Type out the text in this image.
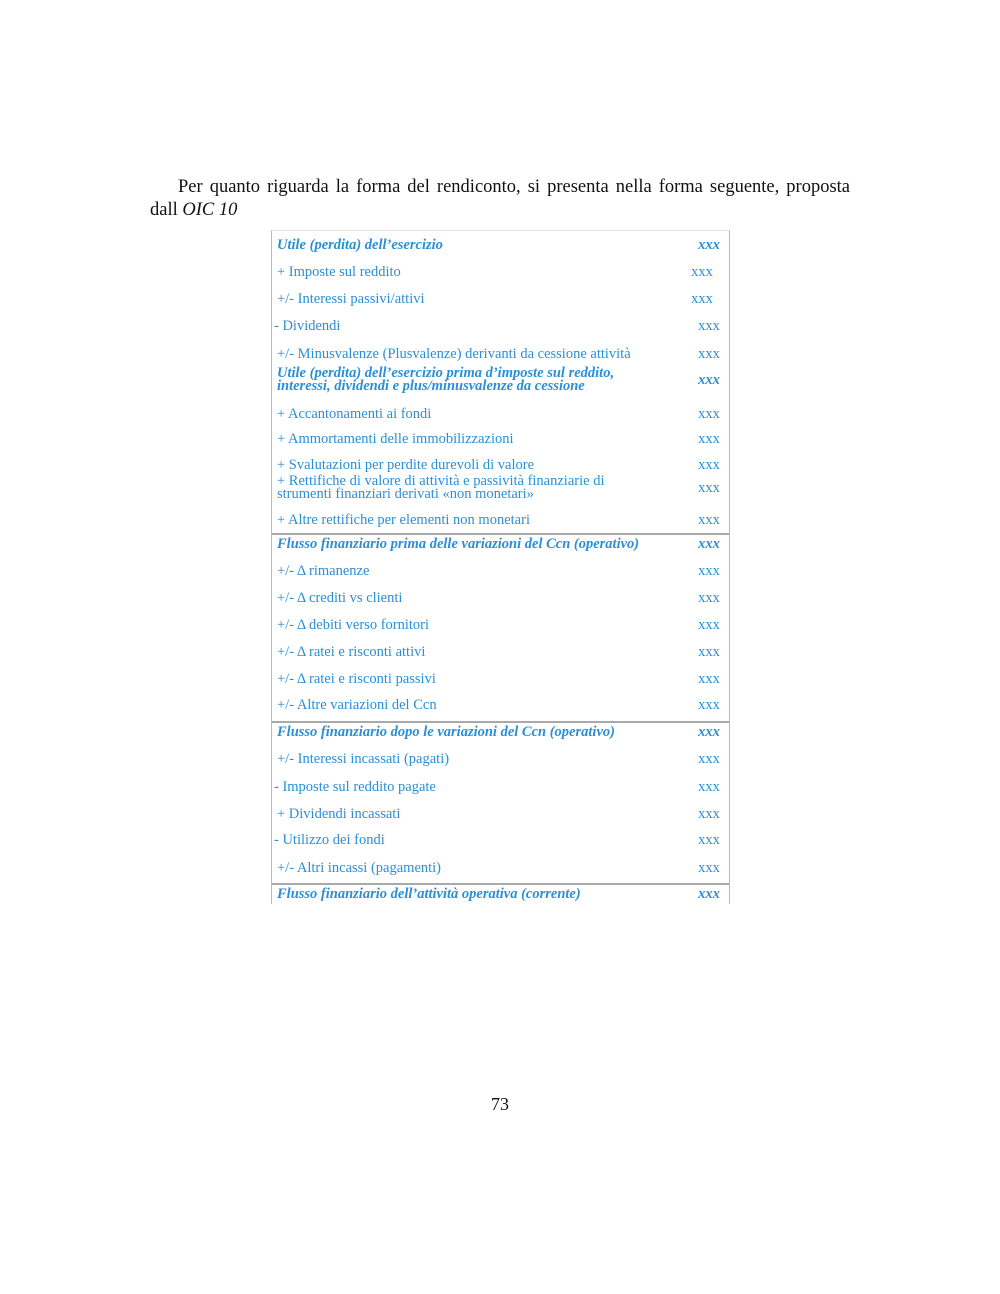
Per quanto riguarda la forma del rendiconto, si presenta nella forma seguente, proposta dall OIC 10

Utile (perdita) dell’esercizio	xxx
+ Imposte sul reddito	xxx
+/- Interessi passivi/attivi	xxx
- Dividendi	xxx
+/- Minusvalenze (Plusvalenze) derivanti da cessione attività	xxx
Utile (perdita) dell’esercizio prima d’imposte sul reddito, interessi, dividendi e plus/minusvalenze da cessione	xxx
+ Accantonamenti ai fondi	xxx
+ Ammortamenti delle immobilizzazioni	xxx
+ Svalutazioni per perdite durevoli di valore	xxx
+ Rettifiche di valore di attività e passività finanziarie di strumenti finanziari derivati «non monetari»	xxx
+ Altre rettifiche per elementi non monetari	xxx
Flusso finanziario prima delle variazioni del Ccn (operativo)	xxx
+/- Δ rimanenze	xxx
+/- Δ crediti vs clienti	xxx
+/- Δ debiti verso fornitori	xxx
+/- Δ ratei e risconti attivi	xxx
+/- Δ ratei e risconti passivi	xxx
+/- Altre variazioni del Ccn	xxx
Flusso finanziario dopo le variazioni del Ccn (operativo)	xxx
+/- Interessi incassati (pagati)	xxx
- Imposte sul reddito pagate	xxx
+ Dividendi incassati	xxx
- Utilizzo dei fondi	xxx
+/- Altri incassi (pagamenti)	xxx
Flusso finanziario dell’attività operativa (corrente)	xxx
73
